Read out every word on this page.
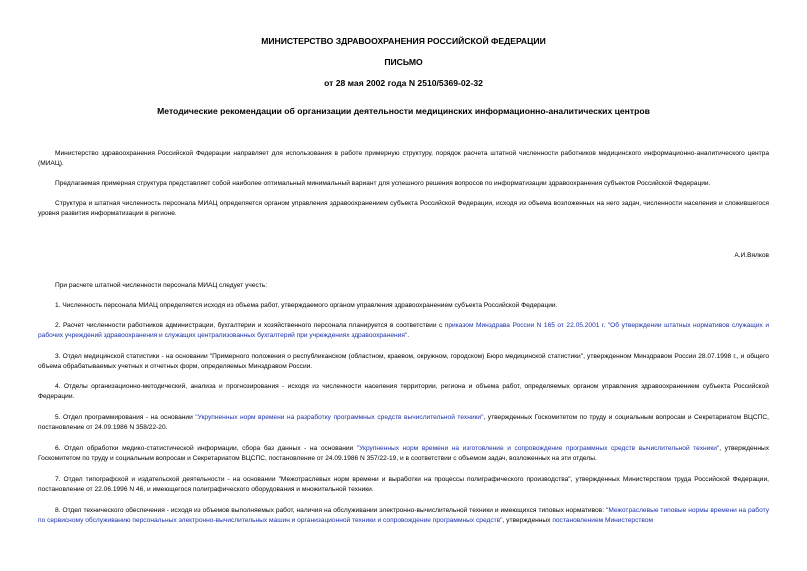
МИНИСТЕРСТВО ЗДРАВООХРАНЕНИЯ РОССИЙСКОЙ ФЕДЕРАЦИИ
ПИСЬМО
от 28 мая 2002 года N 2510/5369-02-32
Методические рекомендации об организации деятельности медицинских информационно-аналитических центров
Министерство здравоохранения Российской Федерации направляет для использования в работе примерную структуру, порядок расчета штатной численности работников медицинского информационно-аналитического центра (МИАЦ).
Предлагаемая примерная структура представляет собой наиболее оптимальный минимальный вариант для успешного решения вопросов по информатизации здравоохранения субъектов Российской Федерации.
Структура и штатная численность персонала МИАЦ определяется органом управления здравоохранением субъекта Российской Федерации, исходя из объема возложенных на него задач, численности населения и сложившегося уровня развития информатизации в регионе.
А.И.Вялков
При расчете штатной численности персонала МИАЦ следует учесть:
1. Численность персонала МИАЦ определяется исходя из объема работ, утверждаемого органом управления здравоохранением субъекта Российской Федерации.
2. Расчет численности работников администрации, бухгалтерии и хозяйственного персонала планируется в соответствии с приказом Минздрава России N 165 от 22.05.2001 г. "Об утверждении штатных нормативов служащих и рабочих учреждений здравоохранения и служащих централизованных бухгалтерий при учреждениях здравоохранения".
3. Отдел медицинской статистики - на основании "Примерного положения о республиканском (областном, краевом, окружном, городском) Бюро медицинской статистики", утвержденном Минздравом России 28.07.1998 г., и общего объема обрабатываемых учетных и отчетных форм, определяемых Минздравом России.
4. Отделы организационно-методический, анализа и прогнозирования - исходя из численности населения территории, региона и объема работ, определяемых органом управления здравоохранением субъекта Российской Федерации.
5. Отдел программирования - на основании "Укрупненных норм времени на разработку программных средств вычислительной техники", утвержденных Госкомитетом по труду и социальным вопросам и Секретариатом ВЦСПС, постановление от 24.09.1986 N 358/22-20.
6. Отдел обработки медико-статистической информации, сбора баз данных - на основании "Укрупненных норм времени на изготовление и сопровождение программных средств вычислительной техники", утвержденных Госкомитетом по труду и социальным вопросам и Секретариатом ВЦСПС, постановление от 24.09.1986 N 357/22-19, и в соответствии с объемом задач, возложенных на эти отделы.
7. Отдел типографской и издательской деятельности - на основании "Межотраслевых норм времени и выработки на процессы полиграфического производства", утвержденных Министерством труда Российской Федерации, постановление от 22.06.1996 N 46, и имеющегося полиграфического оборудования и множительной техники.
8. Отдел технического обеспечения - исходя из объемов выполняемых работ, наличия на обслуживании электронно-вычислительной техники и имеющихся типовых нормативов: "Межотраслевые типовые нормы времени на работу по сервисному обслуживанию персональных электронно-вычислительных машин и организационной техники и сопровождение программных средств", утвержденных постановлением Министерством
